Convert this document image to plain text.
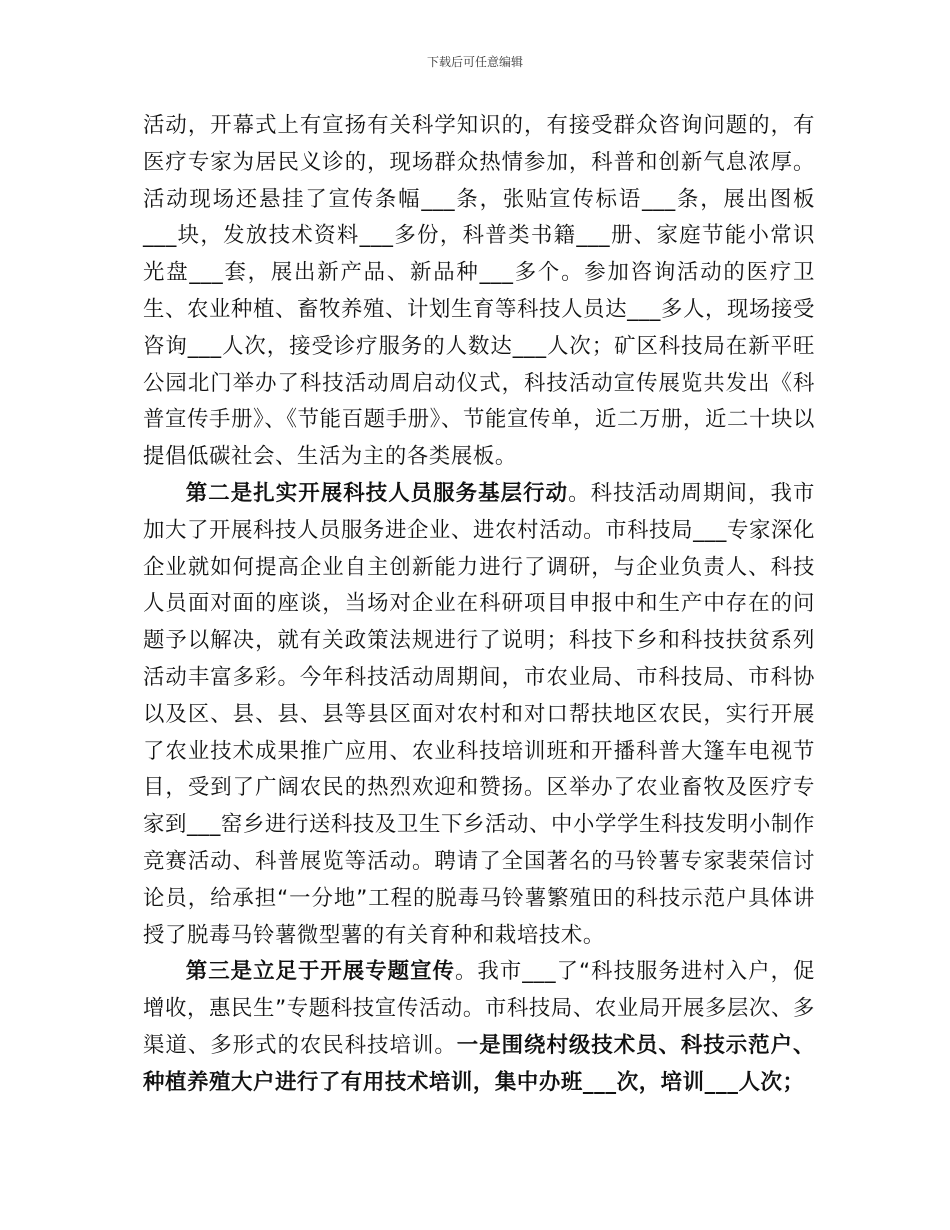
下载后可任意编辑

活动，开幕式上有宣扬有关科学知识的，有接受群众咨询问题的，有医疗专家为居民义诊的，现场群众热情参加，科普和创新气息浓厚。活动现场还悬挂了宣传条幅___条，张贴宣传标语___条，展出图板___块，发放技术资料___多份，科普类书籍___册、家庭节能小常识光盘___套，展出新产品、新品种___多个。参加咨询活动的医疗卫生、农业种植、畜牧养殖、计划生育等科技人员达___多人，现场接受咨询___人次，接受诊疗服务的人数达___人次；矿区科技局在新平旺公园北门举办了科技活动周启动仪式，科技活动宣传展览共发出《科普宣传手册》、《节能百题手册》、节能宣传单，近二万册，近二十块以提倡低碳社会、生活为主的各类展板。

第二是扎实开展科技人员服务基层行动。科技活动周期间，我市加大了开展科技人员服务进企业、进农村活动。市科技局___专家深化企业就如何提高企业自主创新能力进行了调研，与企业负责人、科技人员面对面的座谈，当场对企业在科研项目申报中和生产中存在的问题予以解决，就有关政策法规进行了说明；科技下乡和科技扶贫系列活动丰富多彩。今年科技活动周期间，市农业局、市科技局、市科协以及区、县、县、县等县区面对农村和对口帮扶地区农民，实行开展了农业技术成果推广应用、农业科技培训班和开播科普大篷车电视节目，受到了广阔农民的热烈欢迎和赞扬。区举办了农业畜牧及医疗专家到___窑乡进行送科技及卫生下乡活动、中小学学生科技发明小制作竞赛活动、科普展览等活动。聘请了全国著名的马铃薯专家裴荣信讨论员，给承担“一分地”工程的脱毒马铃薯繁殖田的科技示范户具体讲授了脱毒马铃薯微型薯的有关育种和栽培技术。

第三是立足于开展专题宣传。我市___了“科技服务进村入户，促增收，惠民生”专题科技宣传活动。市科技局、农业局开展多层次、多渠道、多形式的农民科技培训。一是围绕村级技术员、科技示范户、种植养殖大户进行了有用技术培训，集中办班___次，培训___人次；
